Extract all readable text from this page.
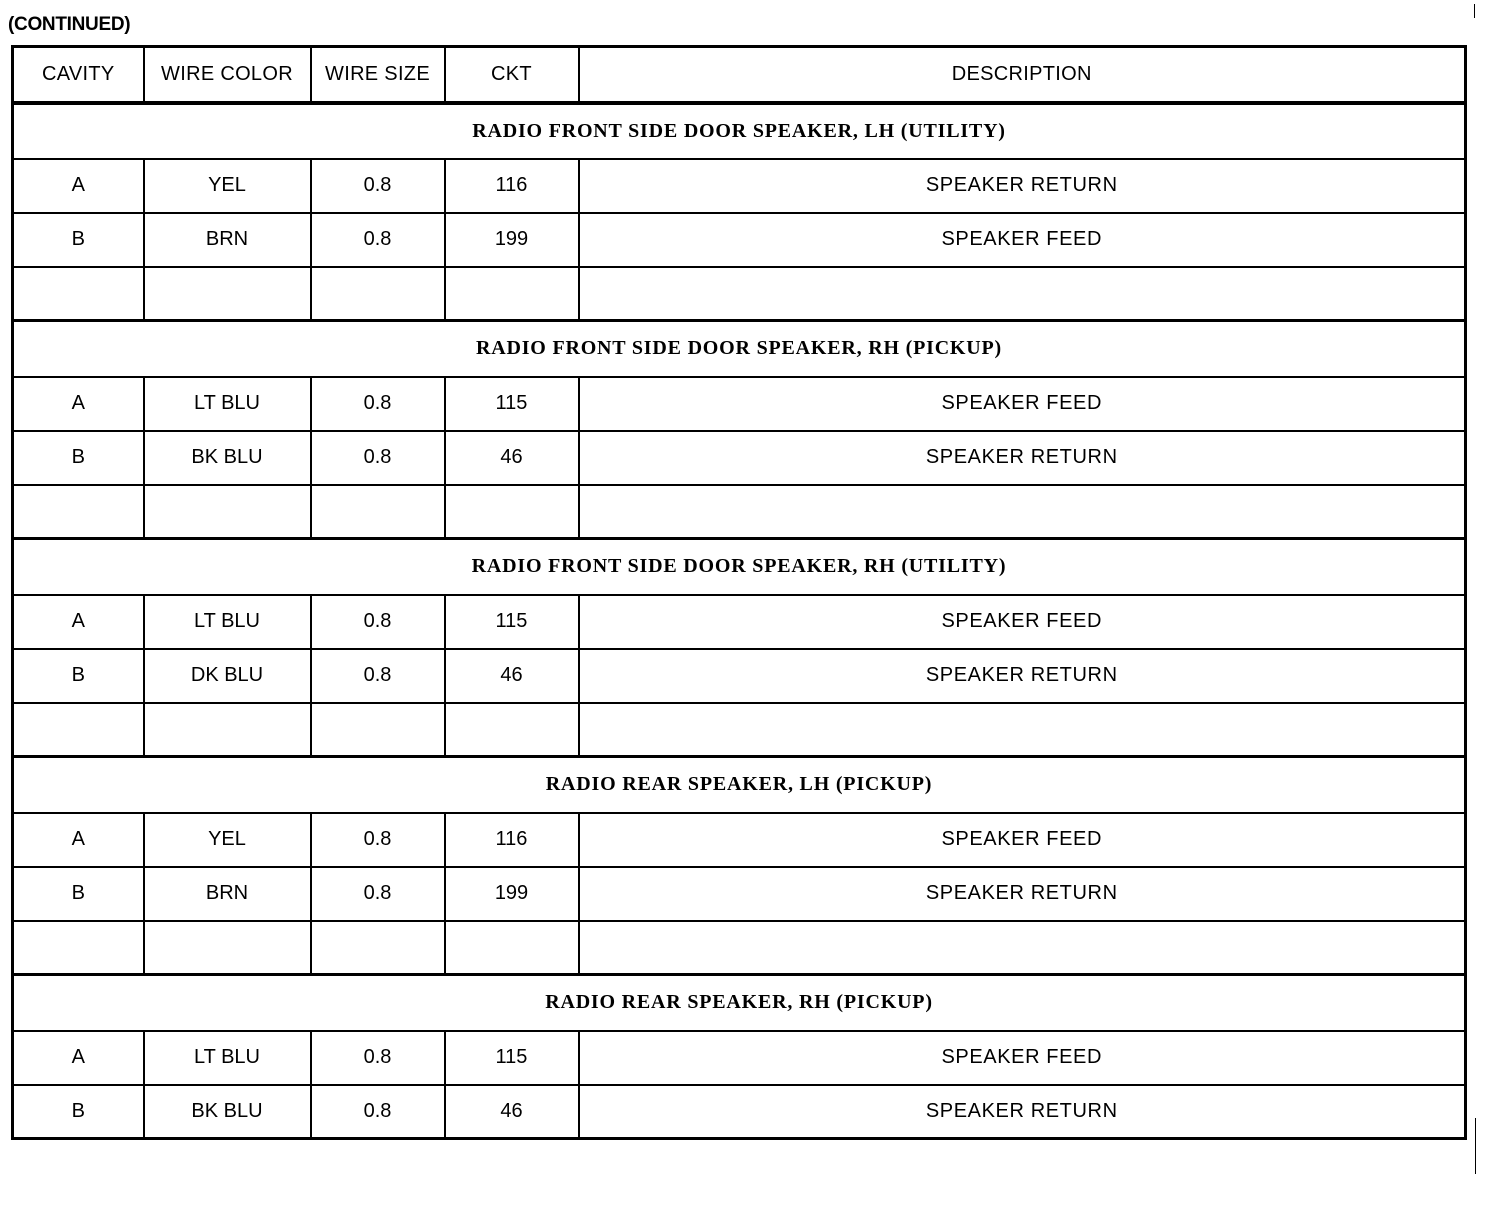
(CONTINUED)
CAVITY	WIRE COLOR	WIRE SIZE	CKT	DESCRIPTION
RADIO FRONT SIDE DOOR SPEAKER, LH (UTILITY)				
A	YEL	0.8	116	SPEAKER RETURN
B	BRN	0.8	199	SPEAKER FEED

RADIO FRONT SIDE DOOR SPEAKER, RH (PICKUP)				
A	LT BLU	0.8	115	SPEAKER FEED
B	BK BLU	0.8	46	SPEAKER RETURN

RADIO FRONT SIDE DOOR SPEAKER, RH (UTILITY)				
A	LT BLU	0.8	115	SPEAKER FEED
B	DK BLU	0.8	46	SPEAKER RETURN

RADIO REAR SPEAKER, LH (PICKUP)				
A	YEL	0.8	116	SPEAKER FEED
B	BRN	0.8	199	SPEAKER RETURN

RADIO REAR SPEAKER, RH (PICKUP)				
A	LT BLU	0.8	115	SPEAKER FEED
B	BK BLU	0.8	46	SPEAKER RETURN
